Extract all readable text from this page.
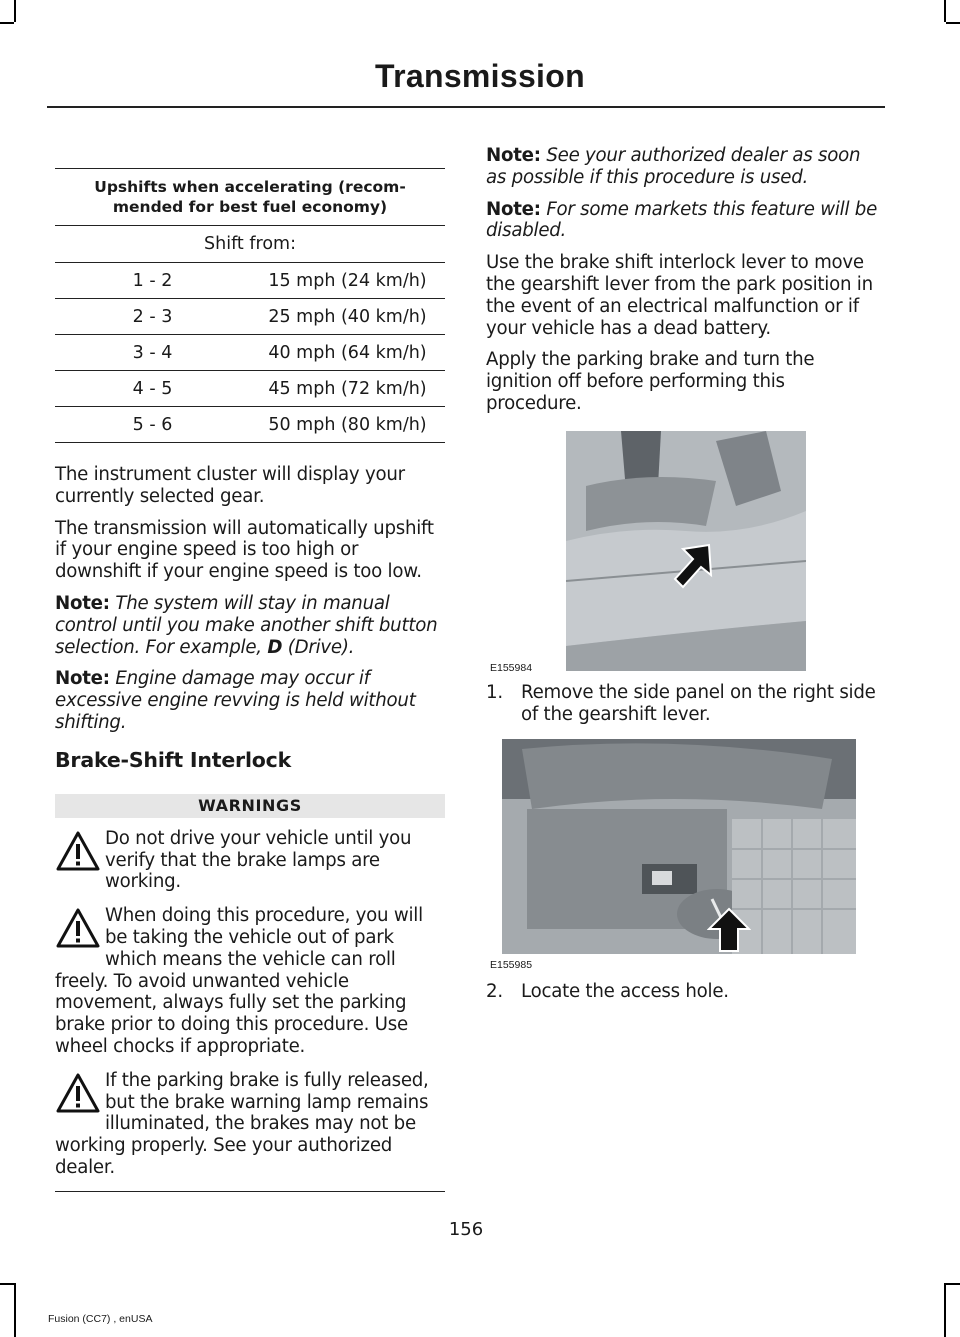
Transmission
Upshifts when accelerating (recom-mended for best fuel economy)	
Shift from:	
1 - 2	15 mph (24 km/h)
2 - 3	25 mph (40 km/h)
3 - 4	40 mph (64 km/h)
4 - 5	45 mph (72 km/h)
5 - 6	50 mph (80 km/h)

The instrument cluster will display your currently selected gear.

The transmission will automatically upshift if your engine speed is too high or downshift if your engine speed is too low.

Note: The system will stay in manual control until you make another shift button selection. For example, D (Drive).

Note: Engine damage may occur if excessive engine revving is held without shifting.

Brake-Shift Interlock
WARNINGS
Do not drive your vehicle until you verify that the brake lamps are working.
When doing this procedure, you will be taking the vehicle out of park which means the vehicle can roll freely. To avoid unwanted vehicle movement, always fully set the parking brake prior to doing this procedure. Use wheel chocks if appropriate.
If the parking brake is fully released, but the brake warning lamp remains illuminated, the brakes may not be working properly. See your authorized dealer.

Note: See your authorized dealer as soon as possible if this procedure is used.

Note: For some markets this feature will be disabled.

Use the brake shift interlock lever to move the gearshift lever from the park position in the event of an electrical malfunction or if your vehicle has a dead battery.

Apply the parking brake and turn the ignition off before performing this procedure.

E155984
1. Remove the side panel on the right side of the gearshift lever.
E155985
2. Locate the access hole.
156
Fusion (CC7) , enUSA
